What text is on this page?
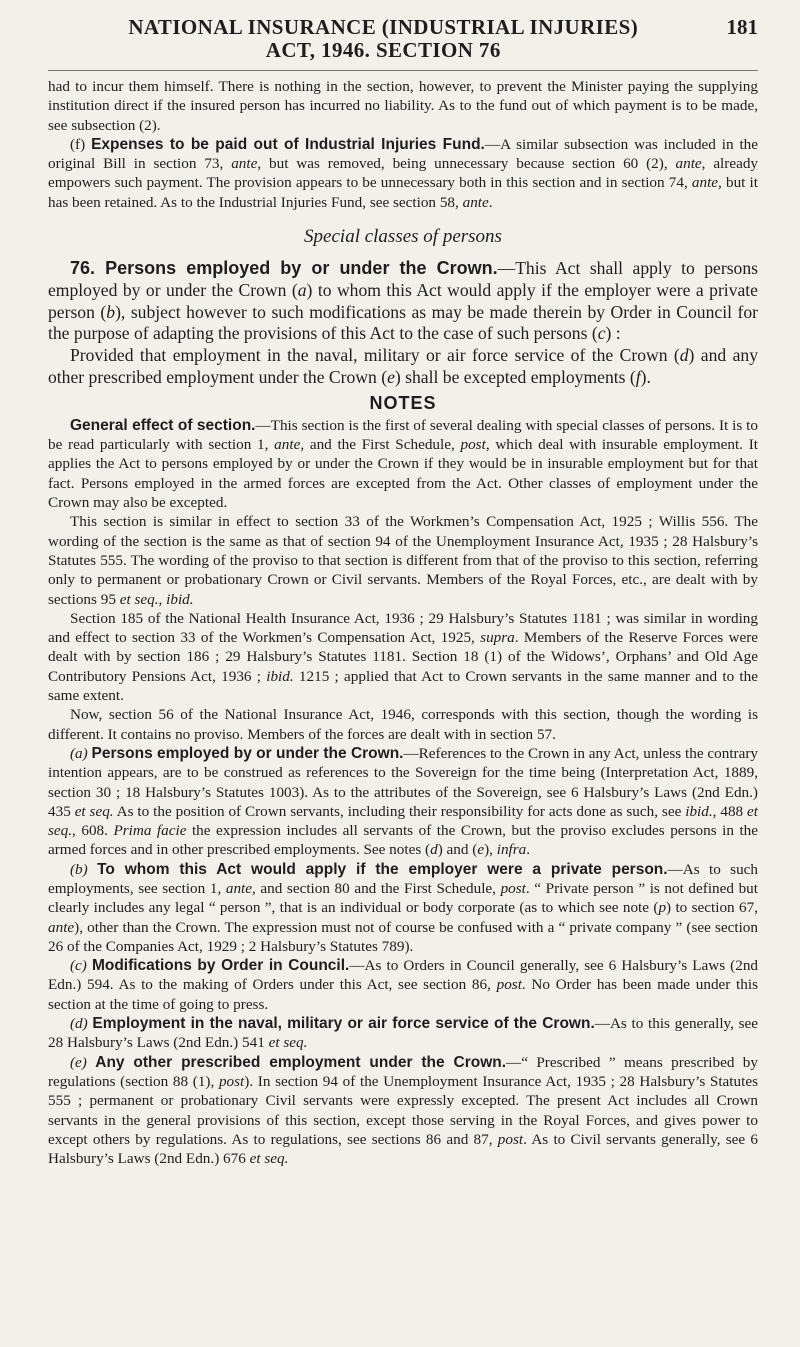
NATIONAL INSURANCE (INDUSTRIAL INJURIES)
ACT, 1946. SECTION 76
181

had to incur them himself. There is nothing in the section, however, to prevent the Minister paying the supplying institution direct if the insured person has incurred no liability. As to the fund out of which payment is to be made, see subsection (2).

(f) Expenses to be paid out of Industrial Injuries Fund.—A similar subsection was included in the original Bill in section 73, ante, but was removed, being unnecessary because section 60 (2), ante, already empowers such payment. The provision appears to be unnecessary both in this section and in section 74, ante, but it has been retained. As to the Industrial Injuries Fund, see section 58, ante.

Special classes of persons

76. Persons employed by or under the Crown.—This Act shall apply to persons employed by or under the Crown (a) to whom this Act would apply if the employer were a private person (b), subject however to such modifications as may be made therein by Order in Council for the purpose of adapting the provisions of this Act to the case of such persons (c) :

Provided that employment in the naval, military or air force service of the Crown (d) and any other prescribed employment under the Crown (e) shall be excepted employments (f).

NOTES

General effect of section.—This section is the first of several dealing with special classes of persons. It is to be read particularly with section 1, ante, and the First Schedule, post, which deal with insurable employment. It applies the Act to persons employed by or under the Crown if they would be in insurable employment but for that fact. Persons employed in the armed forces are excepted from the Act. Other classes of employment under the Crown may also be excepted.

This section is similar in effect to section 33 of the Workmen’s Compensation Act, 1925 ; Willis 556. The wording of the section is the same as that of section 94 of the Unemployment Insurance Act, 1935 ; 28 Halsbury’s Statutes 555. The wording of the proviso to that section is different from that of the proviso to this section, referring only to permanent or probationary Crown or Civil servants. Members of the Royal Forces, etc., are dealt with by sections 95 et seq., ibid.

Section 185 of the National Health Insurance Act, 1936 ; 29 Halsbury’s Statutes 1181 ; was similar in wording and effect to section 33 of the Workmen’s Compensation Act, 1925, supra. Members of the Reserve Forces were dealt with by section 186 ; 29 Halsbury’s Statutes 1181. Section 18 (1) of the Widows’, Orphans’ and Old Age Contributory Pensions Act, 1936 ; ibid. 1215 ; applied that Act to Crown servants in the same manner and to the same extent.

Now, section 56 of the National Insurance Act, 1946, corresponds with this section, though the wording is different. It contains no proviso. Members of the forces are dealt with in section 57.

(a) Persons employed by or under the Crown.—References to the Crown in any Act, unless the contrary intention appears, are to be construed as references to the Sovereign for the time being (Interpretation Act, 1889, section 30 ; 18 Halsbury’s Statutes 1003). As to the attributes of the Sovereign, see 6 Halsbury’s Laws (2nd Edn.) 435 et seq. As to the position of Crown servants, including their responsibility for acts done as such, see ibid., 488 et seq., 608. Prima facie the expression includes all servants of the Crown, but the proviso excludes persons in the armed forces and in other prescribed employments. See notes (d) and (e), infra.

(b) To whom this Act would apply if the employer were a private person.—As to such employments, see section 1, ante, and section 80 and the First Schedule, post. “ Private person ” is not defined but clearly includes any legal “ person ”, that is an individual or body corporate (as to which see note (p) to section 67, ante), other than the Crown. The expression must not of course be confused with a “ private company ” (see section 26 of the Companies Act, 1929 ; 2 Halsbury’s Statutes 789).

(c) Modifications by Order in Council.—As to Orders in Council generally, see 6 Halsbury’s Laws (2nd Edn.) 594. As to the making of Orders under this Act, see section 86, post. No Order has been made under this section at the time of going to press.

(d) Employment in the naval, military or air force service of the Crown.—As to this generally, see 28 Halsbury’s Laws (2nd Edn.) 541 et seq.

(e) Any other prescribed employment under the Crown.—“ Prescribed ” means prescribed by regulations (section 88 (1), post). In section 94 of the Unemployment Insurance Act, 1935 ; 28 Halsbury’s Statutes 555 ; permanent or probationary Civil servants were expressly excepted. The present Act includes all Crown servants in the general provisions of this section, except those serving in the Royal Forces, and gives power to except others by regulations. As to regulations, see sections 86 and 87, post. As to Civil servants generally, see 6 Halsbury’s Laws (2nd Edn.) 676 et seq.
